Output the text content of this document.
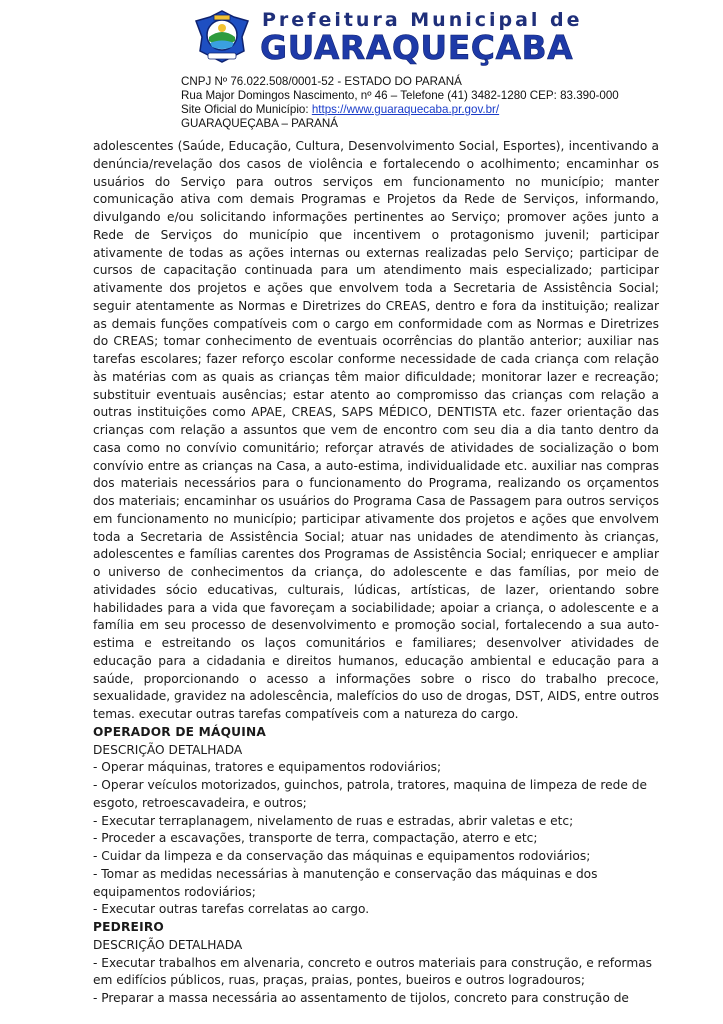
Prefeitura Municipal de
GUARAQUEÇABA
CNPJ Nº 76.022.508/0001-52 - ESTADO DO PARANÁ
Rua Major Domingos Nascimento, nº 46 – Telefone (41) 3482-1280 CEP: 83.390-000
Site Oficial do Município: https://www.guaraquecaba.pr.gov.br/
GUARAQUEÇABA – PARANÁ

adolescentes (Saúde, Educação, Cultura, Desenvolvimento Social, Esportes), incentivando a denúncia/revelação dos casos de violência e fortalecendo o acolhimento; encaminhar os usuários do Serviço para outros serviços em funcionamento no município; manter comunicação ativa com demais Programas e Projetos da Rede de Serviços, informando, divulgando e/ou solicitando informações pertinentes ao Serviço; promover ações junto a Rede de Serviços do município que incentivem o protagonismo juvenil; participar ativamente de todas as ações internas ou externas realizadas pelo Serviço; participar de cursos de capacitação continuada para um atendimento mais especializado; participar ativamente dos projetos e ações que envolvem toda a Secretaria de Assistência Social; seguir atentamente as Normas e Diretrizes do CREAS, dentro e fora da instituição; realizar as demais funções compatíveis com o cargo em conformidade com as Normas e Diretrizes do CREAS; tomar conhecimento de eventuais ocorrências do plantão anterior; auxiliar nas tarefas escolares; fazer reforço escolar conforme necessidade de cada criança com relação às matérias com as quais as crianças têm maior dificuldade; monitorar lazer e recreação; substituir eventuais ausências; estar atento ao compromisso das crianças com relação a outras instituições como APAE, CREAS, SAPS MÉDICO, DENTISTA etc. fazer orientação das crianças com relação a assuntos que vem de encontro com seu dia a dia tanto dentro da casa como no convívio comunitário; reforçar através de atividades de socialização o bom convívio entre as crianças na Casa, a auto-estima, individualidade etc. auxiliar nas compras dos materiais necessários para o funcionamento do Programa, realizando os orçamentos dos materiais; encaminhar os usuários do Programa Casa de Passagem para outros serviços em funcionamento no município; participar ativamente dos projetos e ações que envolvem toda a Secretaria de Assistência Social; atuar nas unidades de atendimento às crianças, adolescentes e famílias carentes dos Programas de Assistência Social; enriquecer e ampliar o universo de conhecimentos da criança, do adolescente e das famílias, por meio de atividades sócio educativas, culturais, lúdicas, artísticas, de lazer, orientando sobre habilidades para a vida que favoreçam a sociabilidade; apoiar a criança, o adolescente e a família em seu processo de desenvolvimento e promoção social, fortalecendo a sua auto-estima e estreitando os laços comunitários e familiares; desenvolver atividades de educação para a cidadania e direitos humanos, educação ambiental e educação para a saúde, proporcionando o acesso a informações sobre o risco do trabalho precoce, sexualidade, gravidez na adolescência, malefícios do uso de drogas, DST, AIDS, entre outros temas. executar outras tarefas compatíveis com a natureza do cargo.

OPERADOR DE MÁQUINA

DESCRIÇÃO DETALHADA

- Operar máquinas, tratores e equipamentos rodoviários;

- Operar veículos motorizados, guinchos, patrola, tratores, maquina de limpeza de rede de esgoto, retroescavadeira, e outros;

- Executar terraplanagem, nivelamento de ruas e estradas, abrir valetas e etc;

- Proceder a escavações, transporte de terra, compactação, aterro e etc;

- Cuidar da limpeza e da conservação das máquinas e equipamentos rodoviários;

- Tomar as medidas necessárias à manutenção e conservação das máquinas e dos equipamentos rodoviários;

- Executar outras tarefas correlatas ao cargo.

PEDREIRO

DESCRIÇÃO DETALHADA

- Executar trabalhos em alvenaria, concreto e outros materiais para construção, e reformas em edifícios públicos, ruas, praças, praias, pontes, bueiros e outros logradouros;

- Preparar a massa necessária ao assentamento de tijolos, concreto para construção de
